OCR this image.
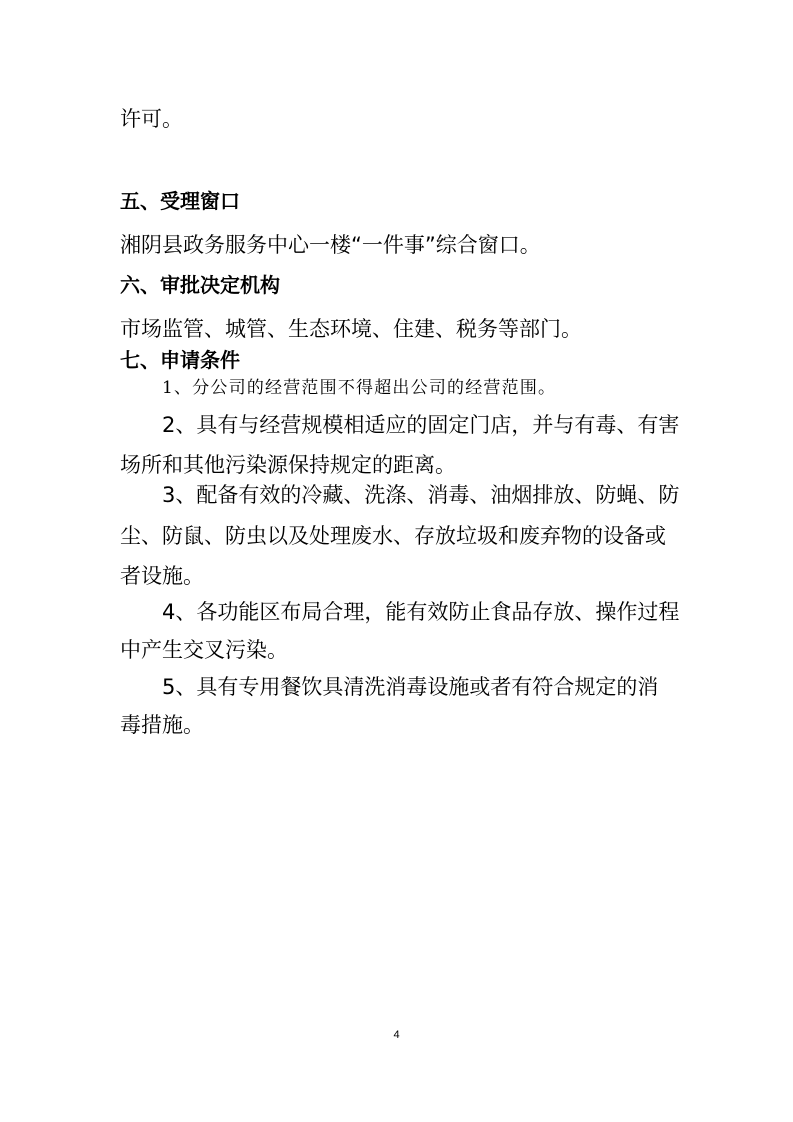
许可。
五、受理窗口
湘阴县政务服务中心一楼“一件事”综合窗口。
六、审批决定机构
市场监管、城管、生态环境、住建、税务等部门。
七、申请条件
1、分公司的经营范围不得超出公司的经营范围。
2、具有与经营规模相适应的固定门店，并与有毒、有害
场所和其他污染源保持规定的距离。
3、配备有效的冷藏、洗涤、消毒、油烟排放、防蝇、防
尘、防鼠、防虫以及处理废水、存放垃圾和废弃物的设备或
者设施。
4、各功能区布局合理，能有效防止食品存放、操作过程
中产生交叉污染。
5、具有专用餐饮具清洗消毒设施或者有符合规定的消
毒措施。
4
